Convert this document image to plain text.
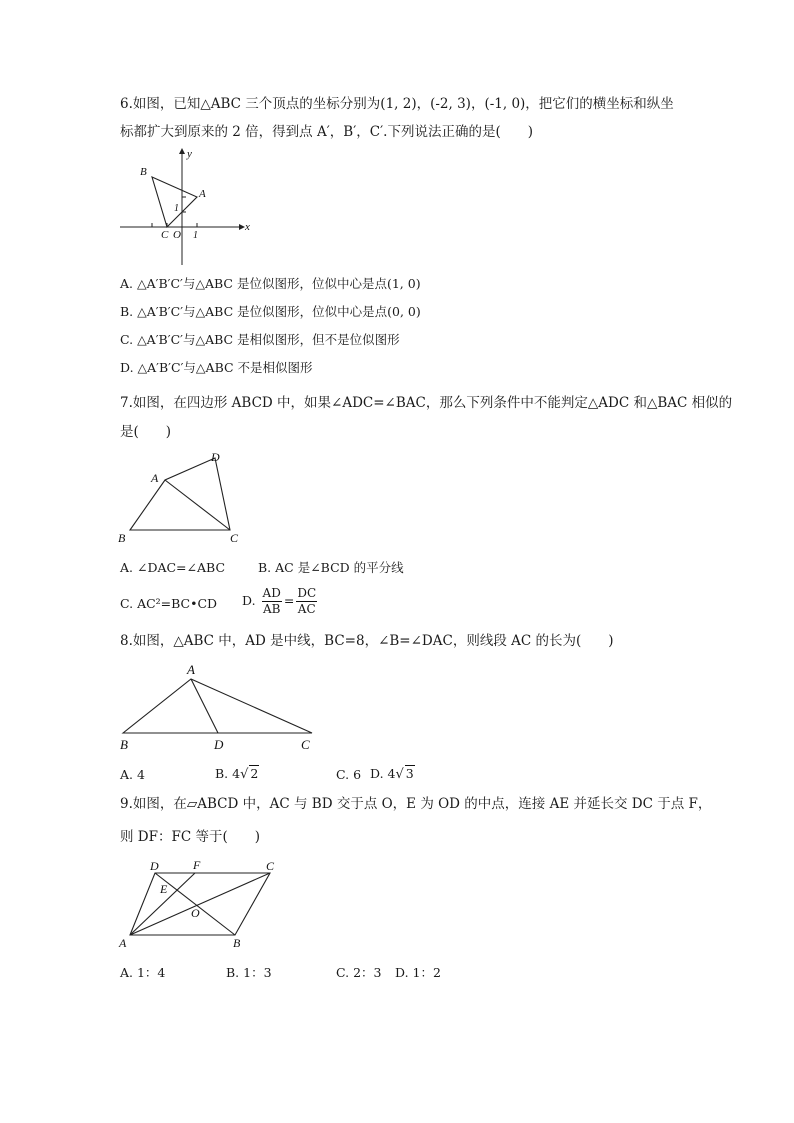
6.如图，已知△ABC 三个顶点的坐标分别为(1, 2)，(-2, 3)，(-1, 0)，把它们的横坐标和纵坐
标都扩大到原来的 2 倍，得到点 A′，B′，C′.下列说法正确的是(　　)
B
A
C O
1
1
x
y
A. △A′B′C′与△ABC 是位似图形，位似中心是点(1, 0)
B. △A′B′C′与△ABC 是位似图形，位似中心是点(0, 0)
C. △A′B′C′与△ABC 是相似图形，但不是位似图形
D. △A′B′C′与△ABC 不是相似图形
7.如图，在四边形 ABCD 中，如果∠ADC=∠BAC，那么下列条件中不能判定△ADC 和△BAC 相似的
是(　　)
A
D
B	C
A. ∠DAC=∠ABC	B. AC 是∠BCD 的平分线
C. AC²=BC•CD D. $\frac{AD}{AB} = \frac{DC}{AC}$
8.如图，△ABC 中，AD 是中线，BC=8，∠B=∠DAC，则线段 AC 的长为(　　)
A
B	D	C
A. 4	B. 4√ 2	C. 6 D. 4√ 3
9.如图，在▱ABCD 中，AC 与 BD 交于点 O，E 为 OD 的中点，连接 AE 并延长交 DC 于点 F，
则 DF：FC 等于(　　)
D	F	C
E
O
A	B
A. 1：4	B. 1：3	C. 2：3 D. 1：2
